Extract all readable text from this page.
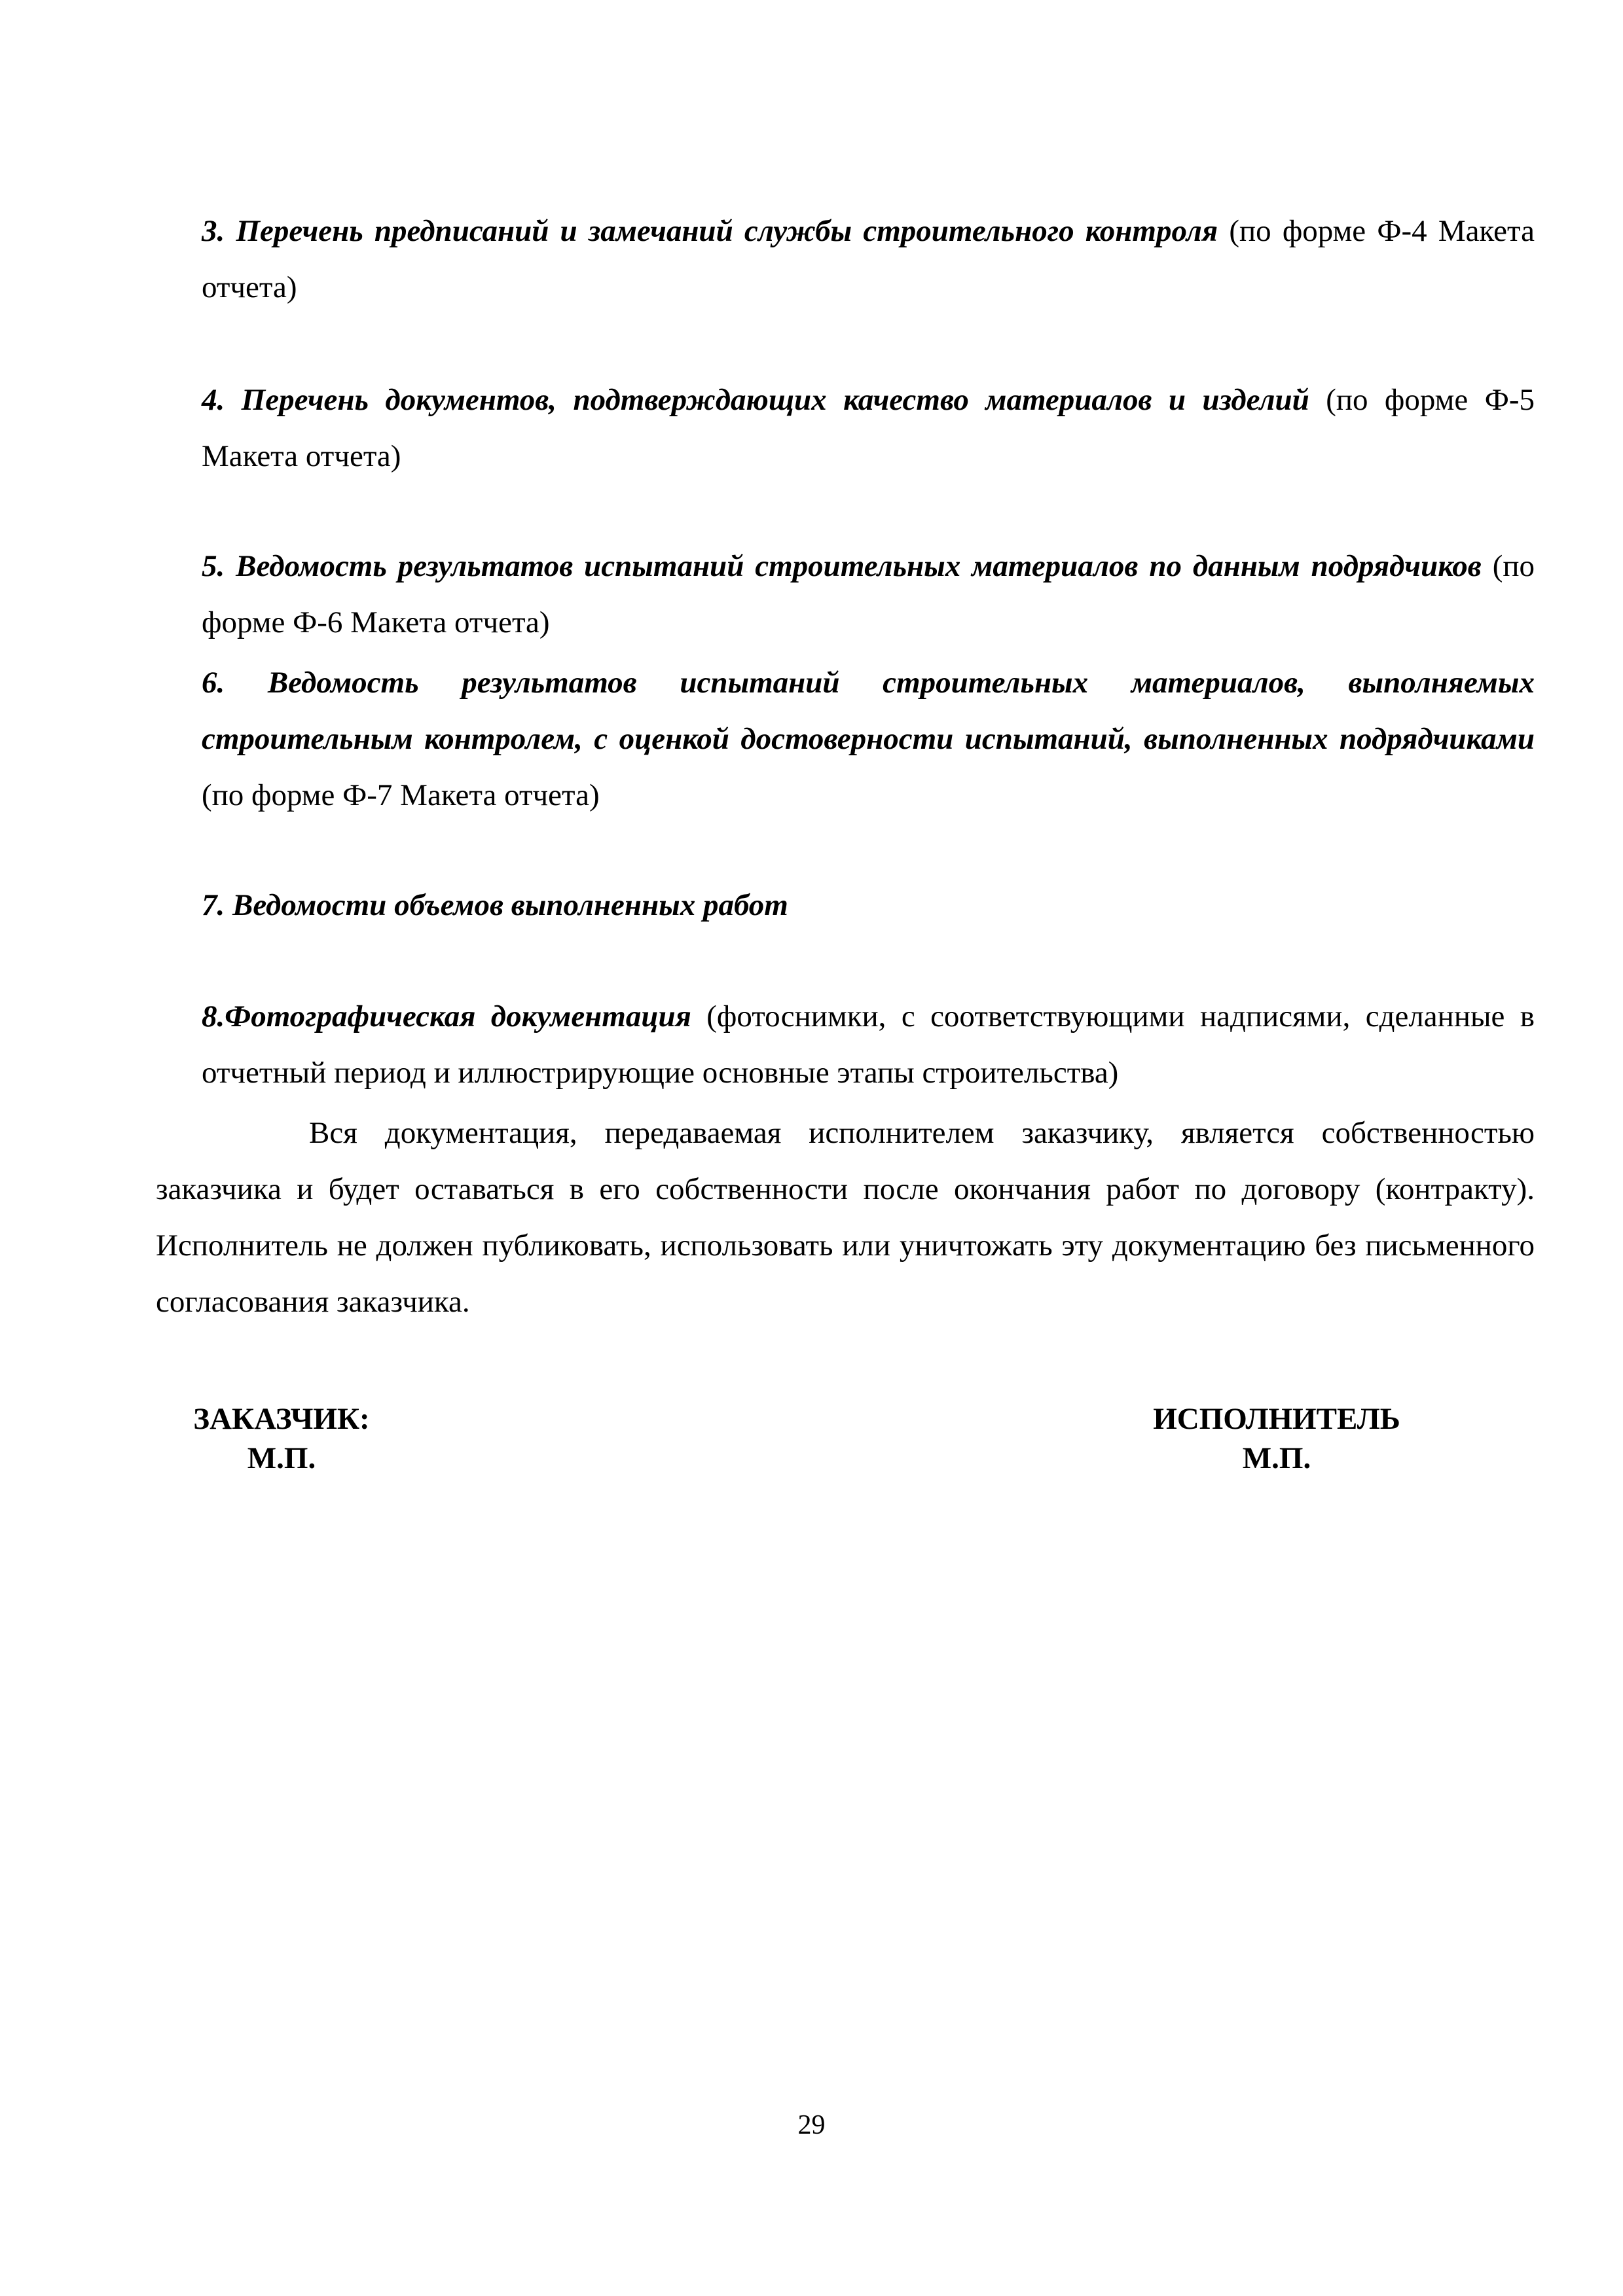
3. Перечень предписаний и замечаний службы строительного контроля (по форме Ф-4 Макета отчета)
4. Перечень документов, подтверждающих качество материалов и изделий (по форме Ф-5 Макета отчета)
5. Ведомость результатов испытаний строительных материалов по данным подрядчиков (по форме Ф-6 Макета отчета)
6. Ведомость результатов испытаний строительных материалов, выполняемых строительным контролем, с оценкой достоверности испытаний, выполненных подрядчиками (по форме Ф-7 Макета отчета)
7. Ведомости объемов выполненных работ
8.Фотографическая документация (фотоснимки, с соответствующими надписями, сделанные в отчетный период и иллюстрирующие основные этапы строительства)
Вся документация, передаваемая исполнителем заказчику, является собственностью заказчика и будет оставаться в его собственности после окончания работ по договору (контракту). Исполнитель не должен публиковать, использовать или уничтожать эту документацию без письменного согласования заказчика.
ЗАКАЗЧИК:
М.П.
ИСПОЛНИТЕЛЬ
М.П.
29
